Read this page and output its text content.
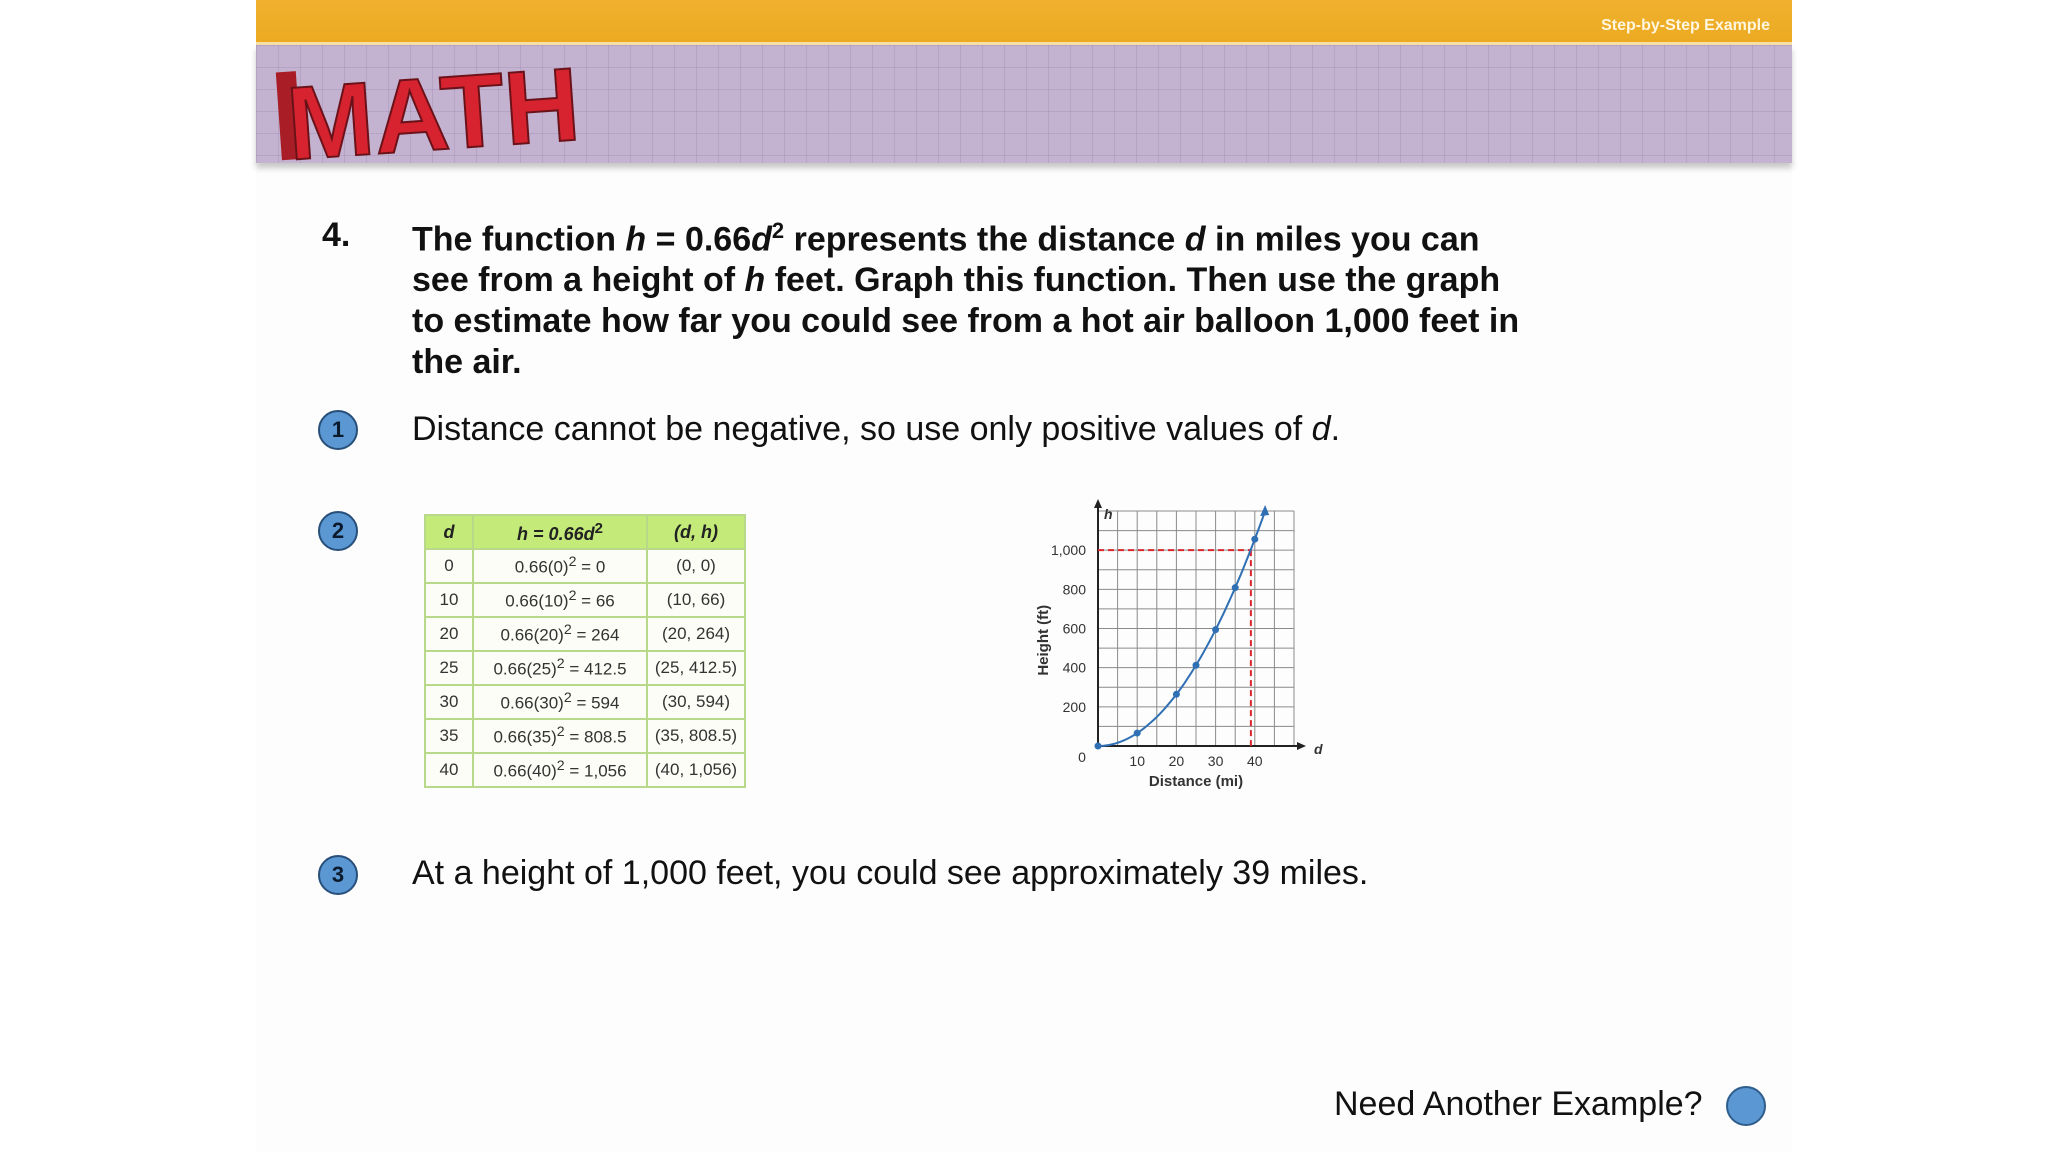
Step-by-Step Example
MATH
4. The function $h = 0.66d^2$ represents the distance d in miles you can see from a height of h feet. Graph this function. Then use the graph to estimate how far you could see from a hot air balloon 1,000 feet in the air.
1	Distance cannot be negative, so use only positive values of d.
2	d	$h = 0.66d^2$	(d, h)
0	$0.66(0)^2 = 0$	(0, 0)
10	$0.66(10)^2 = 66$	(10, 66)
20	$0.66(20)^2 = 264$	(20, 264)
25	$0.66(25)^2 = 412.5$	(25, 412.5)
30	$0.66(30)^2 = 594$	(30, 594)
35	$0.66(35)^2 = 808.5$	(35, 808.5)
40	$0.66(40)^2 = 1,056$	(40, 1,056)
d
h
10 20 30 40
200
400
600
800
1,000
0
Distance (mi)
Height (ft)
3	At a height of 1,000 feet, you could see approximately 39 miles.
Need Another Example?
